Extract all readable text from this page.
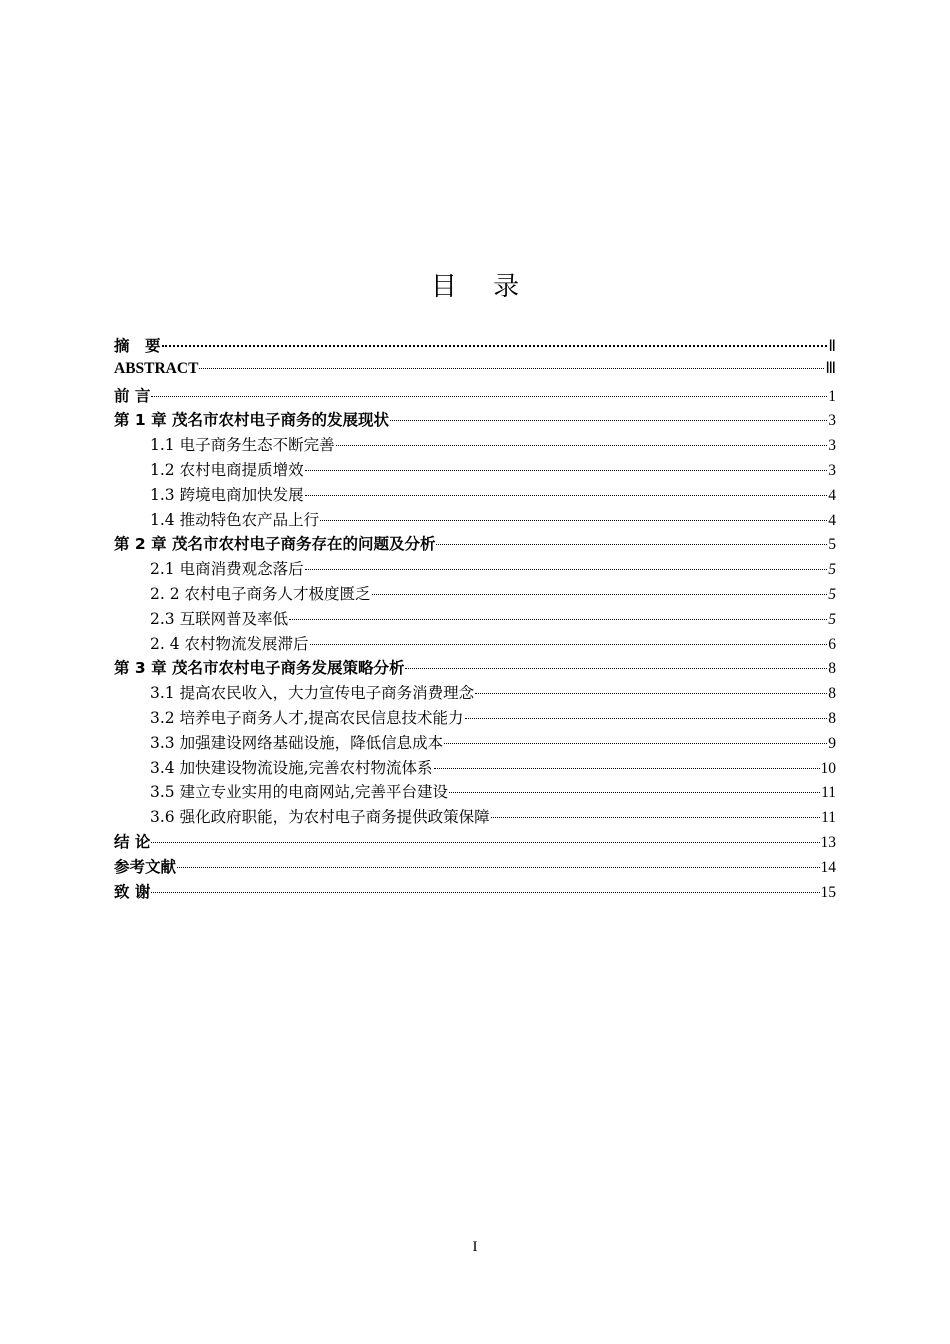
目 录
摘　要	Ⅱ
ABSTRACT	Ⅲ
前 言	1
第 1 章 茂名市农村电子商务的发展现状	3
1.1 电子商务生态不断完善	3
1.2 农村电商提质增效	3
1.3 跨境电商加快发展	4
1.4 推动特色农产品上行	4
第 2 章 茂名市农村电子商务存在的问题及分析	5
2.1 电商消费观念落后	5
2. 2 农村电子商务人才极度匮乏	5
2.3 互联网普及率低	5
2. 4 农村物流发展滞后	6
第 3 章 茂名市农村电子商务发展策略分析	8
3.1 提高农民收入，大力宣传电子商务消费理念	8
3.2 培养电子商务人才,提高农民信息技术能力	8
3.3 加强建设网络基础设施，降低信息成本	9
3.4 加快建设物流设施,完善农村物流体系	10
3.5 建立专业实用的电商网站,完善平台建设	11
3.6 强化政府职能，为农村电子商务提供政策保障	11
结 论	13
参考文献	14
致 谢	15
I
